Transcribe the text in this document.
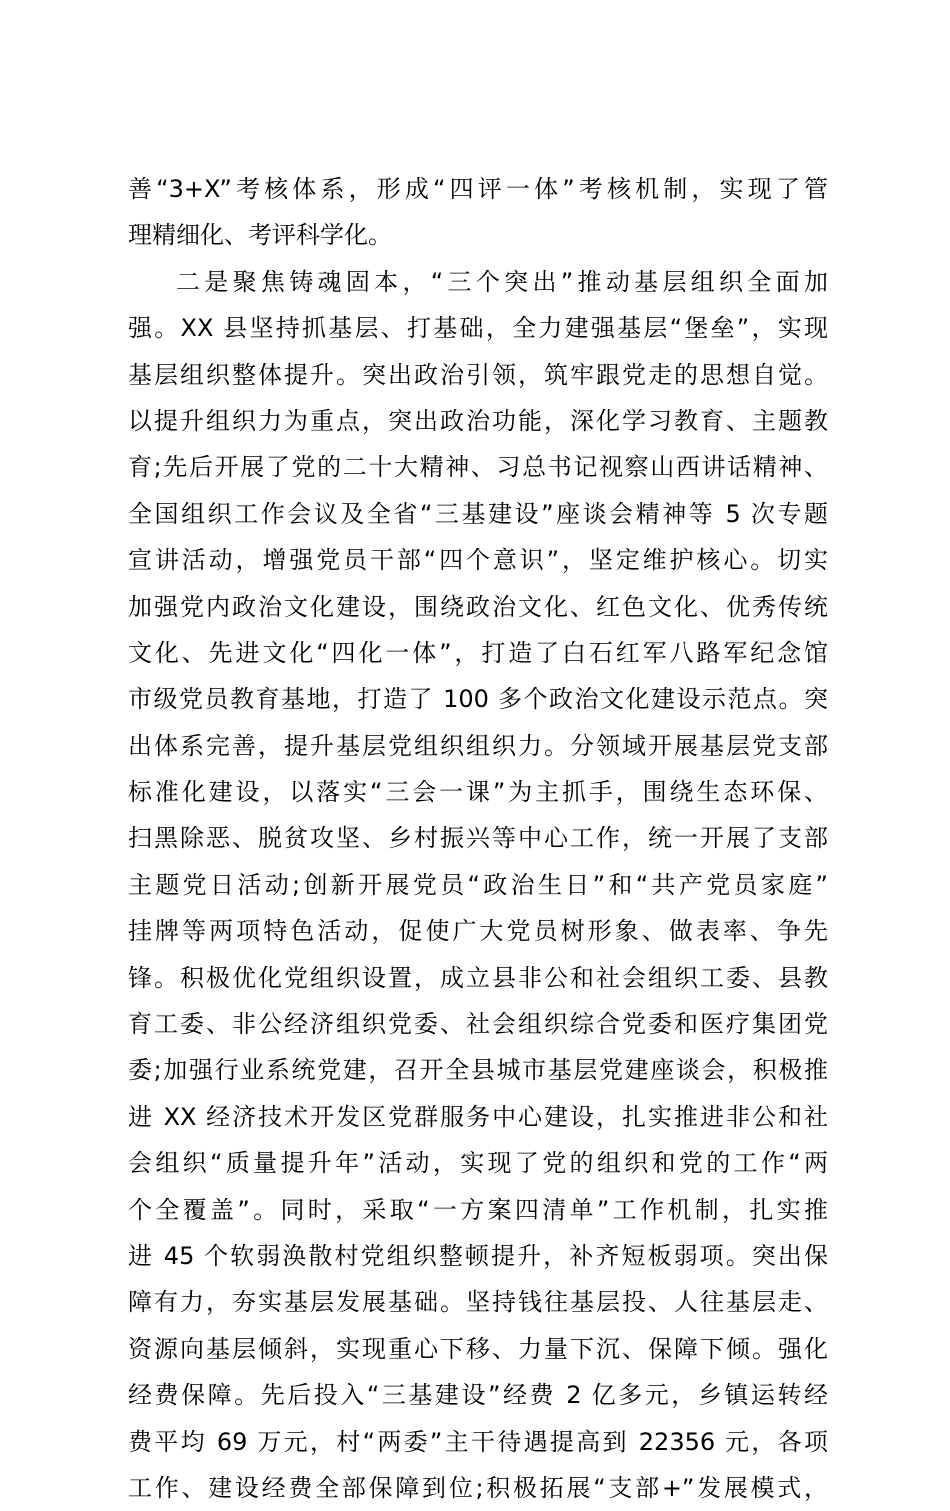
善“3+X”考核体系，形成“四评一体”考核机制，实现了管
理精细化、考评科学化。
二是聚焦铸魂固本，“三个突出”推动基层组织全面加
强。XX 县坚持抓基层、打基础，全力建强基层“堡垒”，实现
基层组织整体提升。突出政治引领，筑牢跟党走的思想自觉。
以提升组织力为重点，突出政治功能，深化学习教育、主题教
育;先后开展了党的二十大精神、习总书记视察山西讲话精神、
全国组织工作会议及全省“三基建设”座谈会精神等 5 次专题
宣讲活动，增强党员干部“四个意识”，坚定维护核心。切实
加强党内政治文化建设，围绕政治文化、红色文化、优秀传统
文化、先进文化“四化一体”，打造了白石红军八路军纪念馆
市级党员教育基地，打造了 100 多个政治文化建设示范点。突
出体系完善，提升基层党组织组织力。分领域开展基层党支部
标准化建设，以落实“三会一课”为主抓手，围绕生态环保、
扫黑除恶、脱贫攻坚、乡村振兴等中心工作，统一开展了支部
主题党日活动;创新开展党员“政治生日”和“共产党员家庭”
挂牌等两项特色活动，促使广大党员树形象、做表率、争先
锋。积极优化党组织设置，成立县非公和社会组织工委、县教
育工委、非公经济组织党委、社会组织综合党委和医疗集团党
委;加强行业系统党建，召开全县城市基层党建座谈会，积极推
进 XX 经济技术开发区党群服务中心建设，扎实推进非公和社
会组织“质量提升年”活动，实现了党的组织和党的工作“两
个全覆盖”。同时，采取“一方案四清单”工作机制，扎实推
进 45 个软弱涣散村党组织整顿提升，补齐短板弱项。突出保
障有力，夯实基层发展基础。坚持钱往基层投、人往基层走、
资源向基层倾斜，实现重心下移、力量下沉、保障下倾。强化
经费保障。先后投入“三基建设”经费 2 亿多元，乡镇运转经
费平均 69 万元，村“两委”主干待遇提高到 22356 元，各项
工作、建设经费全部保障到位;积极拓展“支部+”发展模式，
